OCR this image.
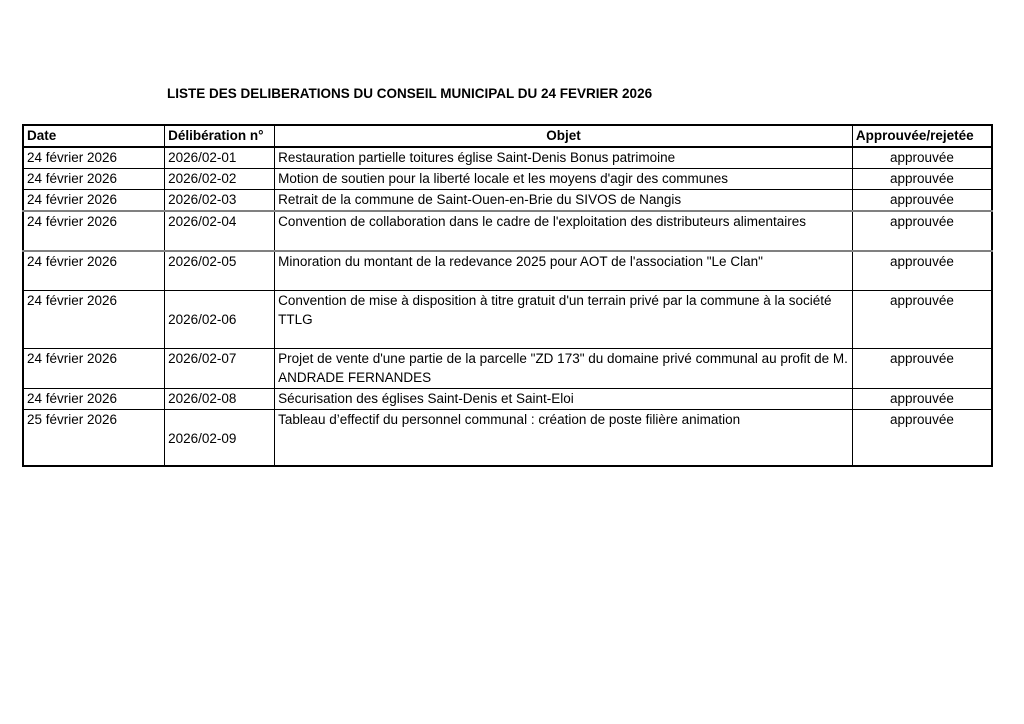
LISTE DES DELIBERATIONS DU CONSEIL MUNICIPAL DU 24 FEVRIER 2026
Date	Délibération n°	Objet	Approuvée/rejetée
24 février 2026	2026/02-01	Restauration partielle toitures église Saint-Denis Bonus patrimoine	approuvée
24 février 2026	2026/02-02	Motion de soutien pour la liberté locale et les moyens d'agir des communes	approuvée
24 février 2026	2026/02-03	Retrait de la commune de Saint-Ouen-en-Brie du SIVOS de Nangis	approuvée
24 février 2026	2026/02-04	Convention de collaboration dans le cadre de l'exploitation des distributeurs alimentaires	approuvée
24 février 2026	2026/02-05	Minoration du montant de la redevance 2025 pour AOT de l'association "Le Clan"	approuvée
24 février 2026	2026/02-06	Convention de mise à disposition à titre gratuit d'un terrain privé par la commune à la société TTLG	approuvée
24 février 2026	2026/02-07	Projet de vente d'une partie de la parcelle "ZD 173" du domaine privé communal au profit de M. ANDRADE FERNANDES	approuvée
24 février 2026	2026/02-08	Sécurisation des églises Saint-Denis et Saint-Eloi	approuvée
25 février 2026	2026/02-09	Tableau d’effectif du personnel communal : création de poste filière animation	approuvée
